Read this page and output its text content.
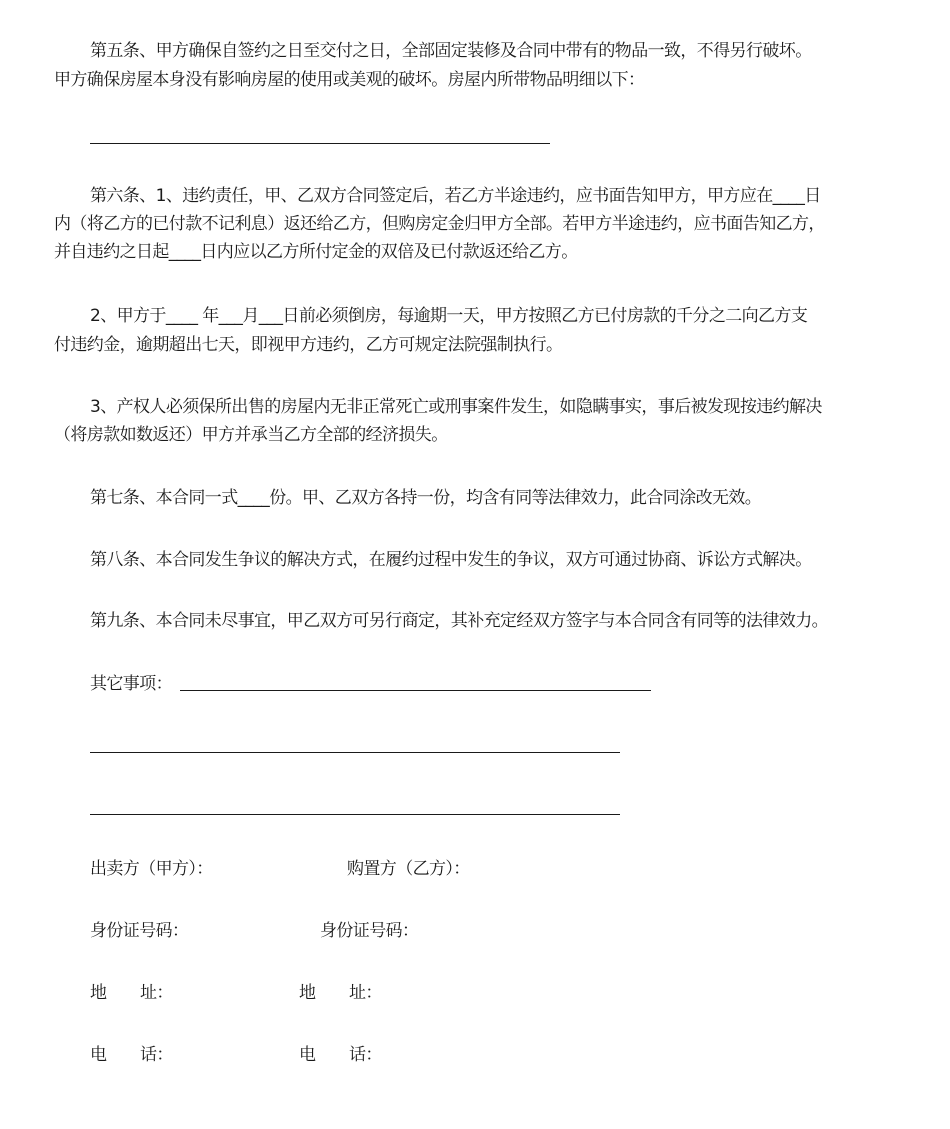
第五条、甲方确保自签约之日至交付之日，全部固定装修及合同中带有的物品一致，不得另行破坏。
甲方确保房屋本身没有影响房屋的使用或美观的破坏。房屋内所带物品明细以下：
第六条、1、违约责任，甲、乙双方合同签定后，若乙方半途违约，应书面告知甲方，甲方应在____日
内（将乙方的已付款不记利息）返还给乙方，但购房定金归甲方全部。若甲方半途违约，应书面告知乙方，
并自违约之日起____日内应以乙方所付定金的双倍及已付款返还给乙方。
2、甲方于____ 年___月___日前必须倒房，每逾期一天，甲方按照乙方已付房款的千分之二向乙方支
付违约金，逾期超出七天，即视甲方违约，乙方可规定法院强制执行。
3、产权人必须保所出售的房屋内无非正常死亡或刑事案件发生，如隐瞒事实，事后被发现按违约解决
（将房款如数返还）甲方并承当乙方全部的经济损失。
第七条、本合同一式____份。甲、乙双方各持一份，均含有同等法律效力，此合同涂改无效。
第八条、本合同发生争议的解决方式，在履约过程中发生的争议，双方可通过协商、诉讼方式解决。
第九条、本合同未尽事宜，甲乙双方可另行商定，其补充定经双方签字与本合同含有同等的法律效力。
其它事项：
出卖方（甲方）：	购置方（乙方）：
身份证号码：	身份证号码：
地 址：	地 址：
电 话：	电 话：
